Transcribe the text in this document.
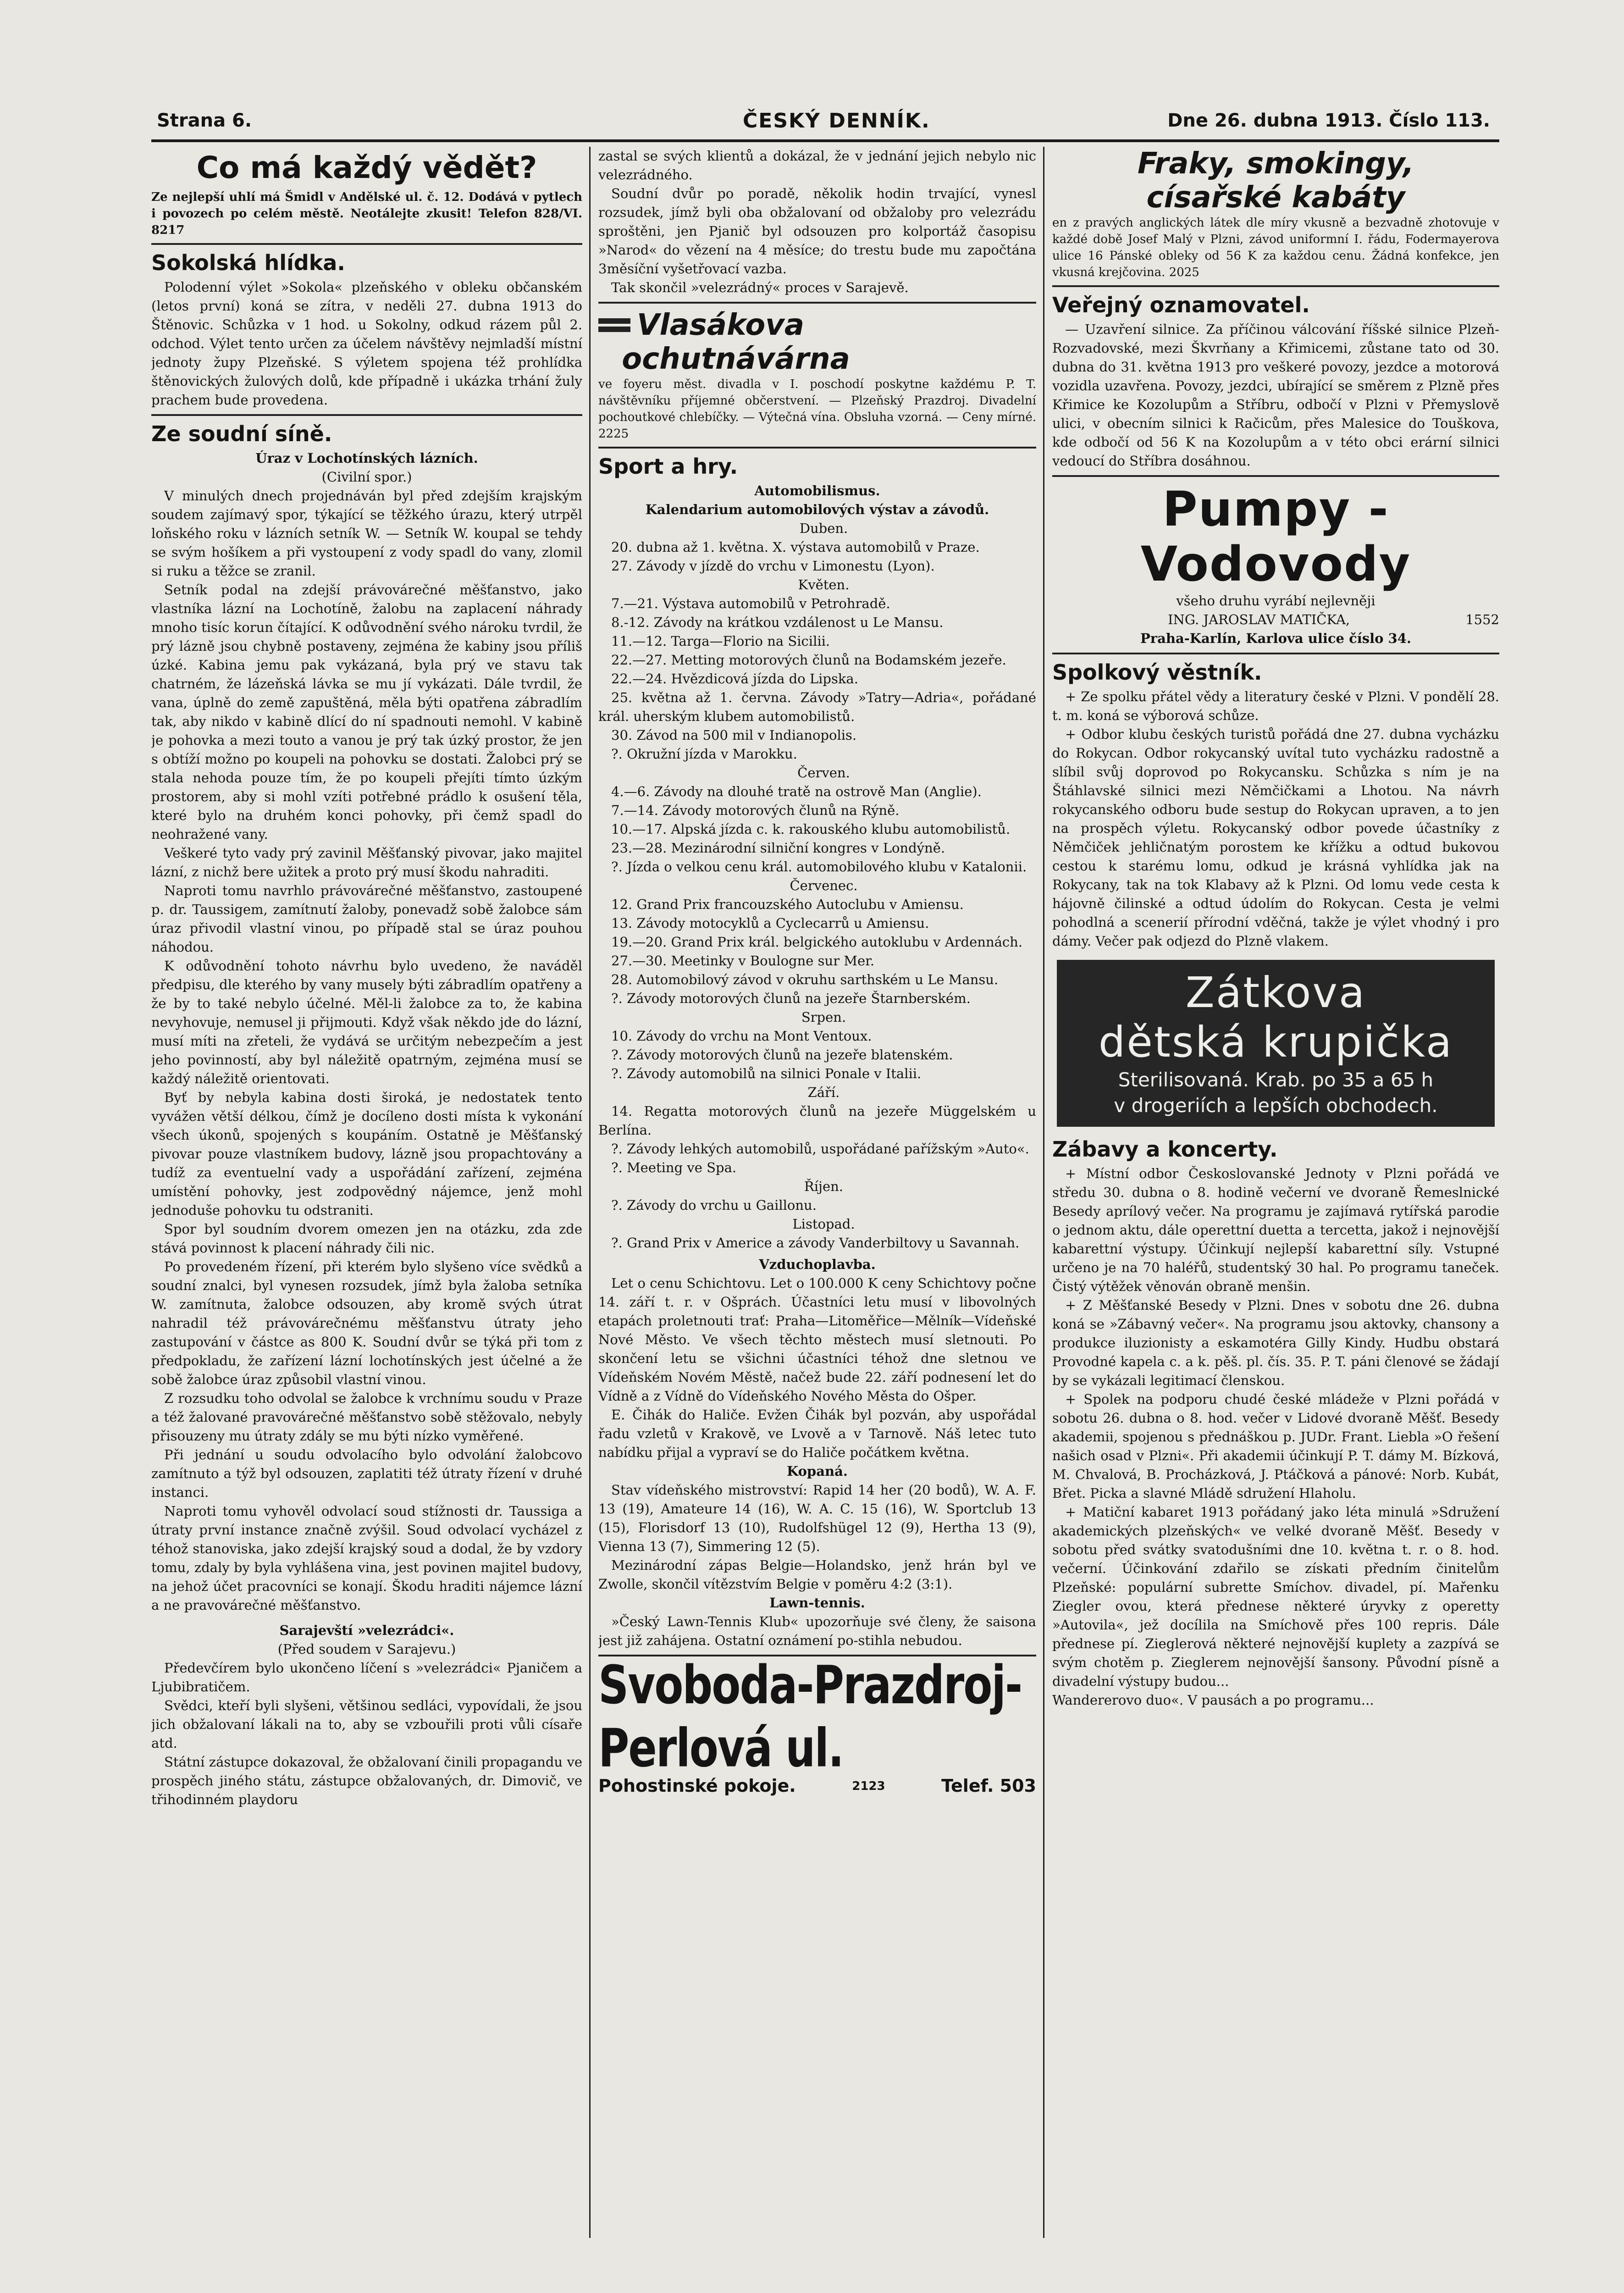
Strana 6.	ČESKÝ DENNÍK.	Dne 26. dubna 1913. Číslo 113.
Co má každý vědět?

Ze nejlepší uhlí má Šmidl v Andělské ul. č. 12. Dodává v pytlech i povozech po celém městě. Neotálejte zkusit! Telefon 828/VI. 8217

Sokolská hlídka.

Polodenní výlet »Sokola« plzeňského v obleku občanském (letos první) koná se zítra, v neděli 27. dubna 1913 do Štěnovic. Schůzka v 1 hod. u Sokolny, odkud rázem půl 2. odchod. Výlet tento určen za účelem návštěvy nejmladší místní jednoty župy Plzeňské. S výletem spojena též prohlídka štěnovických žulových dolů, kde případně i ukázka trhání žuly prachem bude provedena.

Ze soudní síně.
Úraz v Lochotínských lázních.
(Civilní spor.)

V minulých dnech projednáván byl před zdejším krajským soudem zajímavý spor, týkající se těžkého úrazu, který utrpěl loňského roku v lázních setník W. — Setník W. koupal se tehdy se svým hošíkem a při vystoupení z vody spadl do vany, zlomil si ruku a těžce se zranil.

Setník podal na zdejší právovárečné měšťanstvo, jako vlastníka lázní na Lochotíně, žalobu na zaplacení náhrady mnoho tisíc korun čítající. K odůvodnění svého nároku tvrdil, že prý lázně jsou chybně postaveny, zejména že kabiny jsou příliš úzké. Kabina jemu pak vykázaná, byla prý ve stavu tak chatrném, že lázeňská lávka se mu jí vykázati. Dále tvrdil, že vana, úplně do země zapuštěná, měla býti opatřena zábradlím tak, aby nikdo v kabině dlící do ní spadnouti nemohl. V kabině je pohovka a mezi touto a vanou je prý tak úzký prostor, že jen s obtíží možno po koupeli na pohovku se dostati. Žalobci prý se stala nehoda pouze tím, že po koupeli přejíti tímto úzkým prostorem, aby si mohl vzíti potřebné prádlo k osušení těla, které bylo na druhém konci pohovky, při čemž spadl do neohražené vany.

Veškeré tyto vady prý zavinil Měšťanský pivovar, jako majitel lázní, z nichž bere užitek a proto prý musí škodu nahraditi.

Naproti tomu navrhlo právovárečné měšťanstvo, zastoupené p. dr. Taussigem, zamítnutí žaloby, ponevadž sobě žalobce sám úraz přivodil vlastní vinou, po případě stal se úraz pouhou náhodou.

K odůvodnění tohoto návrhu bylo uvedeno, že naváděl předpisu, dle kterého by vany musely býti zábradlím opatřeny a že by to také nebylo účelné. Měl-li žalobce za to, že kabina nevyhovuje, nemusel ji přijmouti. Když však někdo jde do lázní, musí míti na zřeteli, že vydává se určitým nebezpečím a jest jeho povinností, aby byl náležitě opatrným, zejména musí se každý náležitě orientovati.

Byť by nebyla kabina dosti široká, je nedostatek tento vyvážen větší délkou, čímž je docíleno dosti místa k vykonání všech úkonů, spojených s koupáním. Ostatně je Měšťanský pivovar pouze vlastníkem budovy, lázně jsou propachtovány a tudíž za eventuelní vady a uspořádání zařízení, zejména umístění pohovky, jest zodpovědný nájemce, jenž mohl jednoduše pohovku tu odstraniti.

Spor byl soudním dvorem omezen jen na otázku, zda zde stává povinnost k placení náhrady čili nic.

Po provedeném řízení, při kterém bylo slyšeno více svědků a soudní znalci, byl vynesen rozsudek, jímž byla žaloba setníka W. zamítnuta, žalobce odsouzen, aby kromě svých útrat nahradil též právovárečnému měšťanstvu útraty jeho zastupování v částce as 800 K. Soudní dvůr se týká při tom z předpokladu, že zařízení lázní lochotínských jest účelné a že sobě žalobce úraz způsobil vlastní vinou.

Z rozsudku toho odvolal se žalobce k vrchnímu soudu v Praze a též žalované pravovárečné měšťanstvo sobě stěžovalo, nebyly přisouzeny mu útraty zdály se mu býti nízko vyměřené.

Při jednání u soudu odvolacího bylo odvolání žalobcovo zamítnuto a týž byl odsouzen, zaplatiti též útraty řízení v druhé instanci.

Naproti tomu vyhověl odvolací soud stížnosti dr. Taussiga a útraty první instance značně zvýšil. Soud odvolací vycházel z téhož stanoviska, jako zdejší krajský soud a dodal, že by vzdory tomu, zdaly by byla vyhlášena vina, jest povinen majitel budovy, na jehož účet pracovníci se konají. Škodu hraditi nájemce lázní a ne pravovárečné měšťanstvo.

Sarajevští »velezrádci«.
(Před soudem v Sarajevu.)

Předevčírem bylo ukončeno líčení s »velezrádci« Pjaničem a Ljubibratičem.

Svědci, kteří byli slyšeni, většinou sedláci, vypovídali, že jsou jich obžalovaní lákali na to, aby se vzbouřili proti vůli císaře atd.

Státní zástupce dokazoval, že obžalovaní činili propagandu ve prospěch jiného státu, zástupce obžalovaných, dr. Dimovič, ve třihodinném playdoru

zastal se svých klientů a dokázal, že v jednání jejich nebylo nic velezrádného.

Soudní dvůr po poradě, několik hodin trvající, vynesl rozsudek, jímž byli oba obžalovaní od obžaloby pro velezrádu sproštěni, jen Pjanič byl odsouzen pro kolportáž časopisu »Narod« do vězení na 4 měsíce; do trestu bude mu započtána 3měsíční vyšetřovací vazba.

Tak skončil »velezrádný« proces v Sarajevě.

Vlasákova
ochutnávárna

ve foyeru měst. divadla v I. poschodí poskytne každému P. T. návštěvníku příjemné občerstvení. — Plzeňský Prazdroj. Divadelní pochoutkové chlebíčky. — Výtečná vína. Obsluha vzorná. — Ceny mírné. 2225

Sport a hry.
Automobilismus.
Kalendarium automobilových výstav a závodů.

Duben.

20. dubna až 1. května. X. výstava automobilů v Praze.

27. Závody v jízdě do vrchu v Limonestu (Lyon).

Květen.

7.—21. Výstava automobilů v Petrohradě.

8.-12. Závody na krátkou vzdálenost u Le Mansu.

11.—12. Targa—Florio na Sicilii.

22.—27. Metting motorových člunů na Bodamském jezeře.

22.—24. Hvězdicová jízda do Lipska.

25. května až 1. června. Závody »Tatry—Adria«, pořádané král. uherským klubem automobilistů.

30. Závod na 500 mil v Indianopolis.

?. Okružní jízda v Marokku.

Červen.

4.—6. Závody na dlouhé tratě na ostrově Man (Anglie).

7.—14. Závody motorových člunů na Rýně.

10.—17. Alpská jízda c. k. rakouského klubu automobilistů.

23.—28. Mezinárodní silniční kongres v Londýně.

?. Jízda o velkou cenu král. automobilového klubu v Katalonii.

Červenec.

12. Grand Prix francouzského Autoclubu v Amiensu.

13. Závody motocyklů a Cyclecarrů u Amiensu.

19.—20. Grand Prix král. belgického autoklubu v Ardennách.

27.—30. Meetinky v Boulogne sur Mer.

28. Automobilový závod v okruhu sarthském u Le Mansu.

?. Závody motorových člunů na jezeře Štarnberském.

Srpen.

10. Závody do vrchu na Mont Ventoux.

?. Závody motorových člunů na jezeře blatenském.

?. Závody automobilů na silnici Ponale v Italii.

Září.

14. Regatta motorových člunů na jezeře Müggelském u Berlína.

?. Závody lehkých automobilů, uspořádané pařížským »Auto«.

?. Meeting ve Spa.

Říjen.

?. Závody do vrchu u Gaillonu.

Listopad.

?. Grand Prix v Americe a závody Vanderbiltovy u Savannah.

Vzduchoplavba.

Let o cenu Schichtovu. Let o 100.000 K ceny Schichtovy počne 14. září t. r. v Ošprách. Účastníci letu musí v libovolných etapách proletnouti trať: Praha—Litoměřice—Mělník—Vídeňské Nové Město. Ve všech těchto městech musí sletnouti. Po skončení letu se všichni účastníci téhož dne sletnou ve Vídeňském Novém Městě, načež bude 22. září podnesení let do Vídně a z Vídně do Vídeňského Nového Města do Ošper.

E. Čihák do Haliče. Evžen Čihák byl pozván, aby uspořádal řadu vzletů v Krakově, ve Lvově a v Tarnově. Náš letec tuto nabídku přijal a vypraví se do Haliče počátkem května.

Kopaná.

Stav vídeňského mistrovství: Rapid 14 her (20 bodů), W. A. F. 13 (19), Amateure 14 (16), W. A. C. 15 (16), W. Sportclub 13 (15), Florisdorf 13 (10), Rudolfshügel 12 (9), Hertha 13 (9), Vienna 13 (7), Simmering 12 (5).

Mezinárodní zápas Belgie—Holandsko, jenž hrán byl ve Zwolle, skončil vítězstvím Belgie v poměru 4:2 (3:1).

Lawn-tennis.

»Český Lawn-Tennis Klub« upozorňuje své členy, že saisona jest již zahájena. Ostatní oznámení po-stihla nebudou.

Svoboda-Prazdroj-Perlová ul.
Pohostinské pokoje.	2123	Telef. 503
Fraky, smokingy,
císařské kabáty

en z pravých anglických látek dle míry vkusně a bezvadně zhotovuje v každé době Josef Malý v Plzni, závod uniformní I. řádu, Fodermayerova ulice 16 Pánské obleky od 56 K za každou cenu. Žádná konfekce, jen vkusná krejčovina. 2025

Veřejný oznamovatel.

— Uzavření silnice. Za příčinou válcování říšské silnice Plzeň-Rozvadovské, mezi Škvrňany a Křimicemi, zůstane tato od 30. dubna do 31. května 1913 pro veškeré povozy, jezdce a motorová vozidla uzavřena. Povozy, jezdci, ubírající se směrem z Plzně přes Křimice ke Kozolupům a Stříbru, odbočí v Plzni v Přemyslově ulici, v obecním silnici k Račicům, přes Malesice do Touškova, kde odbočí od 56 K na Kozolupům a v této obci erární silnici vedoucí do Stříbra dosáhnou.

Pumpy - Vodovody
všeho druhu vyrábí nejlevněji
ING. JAROSLAV MATIČKA,	1552
Praha-Karlín, Karlova ulice číslo 34.
Spolkový věstník.

+ Ze spolku přátel vědy a literatury české v Plzni. V pondělí 28. t. m. koná se výborová schůze.

+ Odbor klubu českých turistů pořádá dne 27. dubna vycházku do Rokycan. Odbor rokycanský uvítal tuto vycházku radostně a slíbil svůj doprovod po Rokycansku. Schůzka s ním je na Štáhlavské silnici mezi Němčičkami a Lhotou. Na návrh rokycanského odboru bude sestup do Rokycan upraven, a to jen na prospěch výletu. Rokycanský odbor povede účastníky z Němčiček jehličnatým porostem ke křížku a odtud bukovou cestou k starému lomu, odkud je krásná vyhlídka jak na Rokycany, tak na tok Klabavy až k Plzni. Od lomu vede cesta k hájovně čilinské a odtud údolím do Rokycan. Cesta je velmi pohodlná a scenerií přírodní vděčná, takže je výlet vhodný i pro dámy. Večer pak odjezd do Plzně vlakem.

Zátkova
dětská krupička
Sterilisovaná. Krab. po 35 a 65 h
v drogeriích a lepších obchodech.
Zábavy a koncerty.

+ Místní odbor Českoslovanské Jednoty v Plzni pořádá ve středu 30. dubna o 8. hodině večerní ve dvoraně Řemeslnické Besedy aprílový večer. Na programu je zajímavá rytířská parodie o jednom aktu, dále operettní duetta a tercetta, jakož i nejnovější kabarettní výstupy. Účinkují nejlepší kabarettní síly. Vstupné určeno je na 70 haléřů, studentský 30 hal. Po programu taneček. Čistý výtěžek věnován obraně menšin.

+ Z Měšťanské Besedy v Plzni. Dnes v sobotu dne 26. dubna koná se »Zábavný večer«. Na programu jsou aktovky, chansony a produkce iluzionisty a eskamotéra Gilly Kindy. Hudbu obstará Provodné kapela c. a k. pěš. pl. čís. 35. P. T. páni členové se žádají by se vykázali legitimací členskou.

+ Spolek na podporu chudé české mládeže v Plzni pořádá v sobotu 26. dubna o 8. hod. večer v Lidové dvoraně Měšť. Besedy akademii, spojenou s přednáškou p. JUDr. Frant. Liebla »O řešení našich osad v Plzni«. Při akademii účinkují P. T. dámy M. Bízková, M. Chvalová, B. Procházková, J. Ptáčková a pánové: Norb. Kubát, Břet. Picka a slavné Mládě sdružení Hlaholu.

+ Matiční kabaret 1913 pořádaný jako léta minulá »Sdružení akademických plzeňských« ve velké dvoraně Měšť. Besedy v sobotu před svátky svatodušními dne 10. května t. r. o 8. hod. večerní. Účinkování zdařilo se získati předním činitelům Plzeňské: populární subrette Smíchov. divadel, pí. Mařenku Ziegler ovou, která přednese některé úryvky z operetty »Autovila«, jež docílila na Smíchově přes 100 repris. Dále přednese pí. Zieglerová některé nejnovější kuplety a zazpívá se svým chotěm p. Zieglerem nejnovější šansony. Původní písně a divadelní výstupy budou...

Wandererovo duo«. V pausách a po programu...
